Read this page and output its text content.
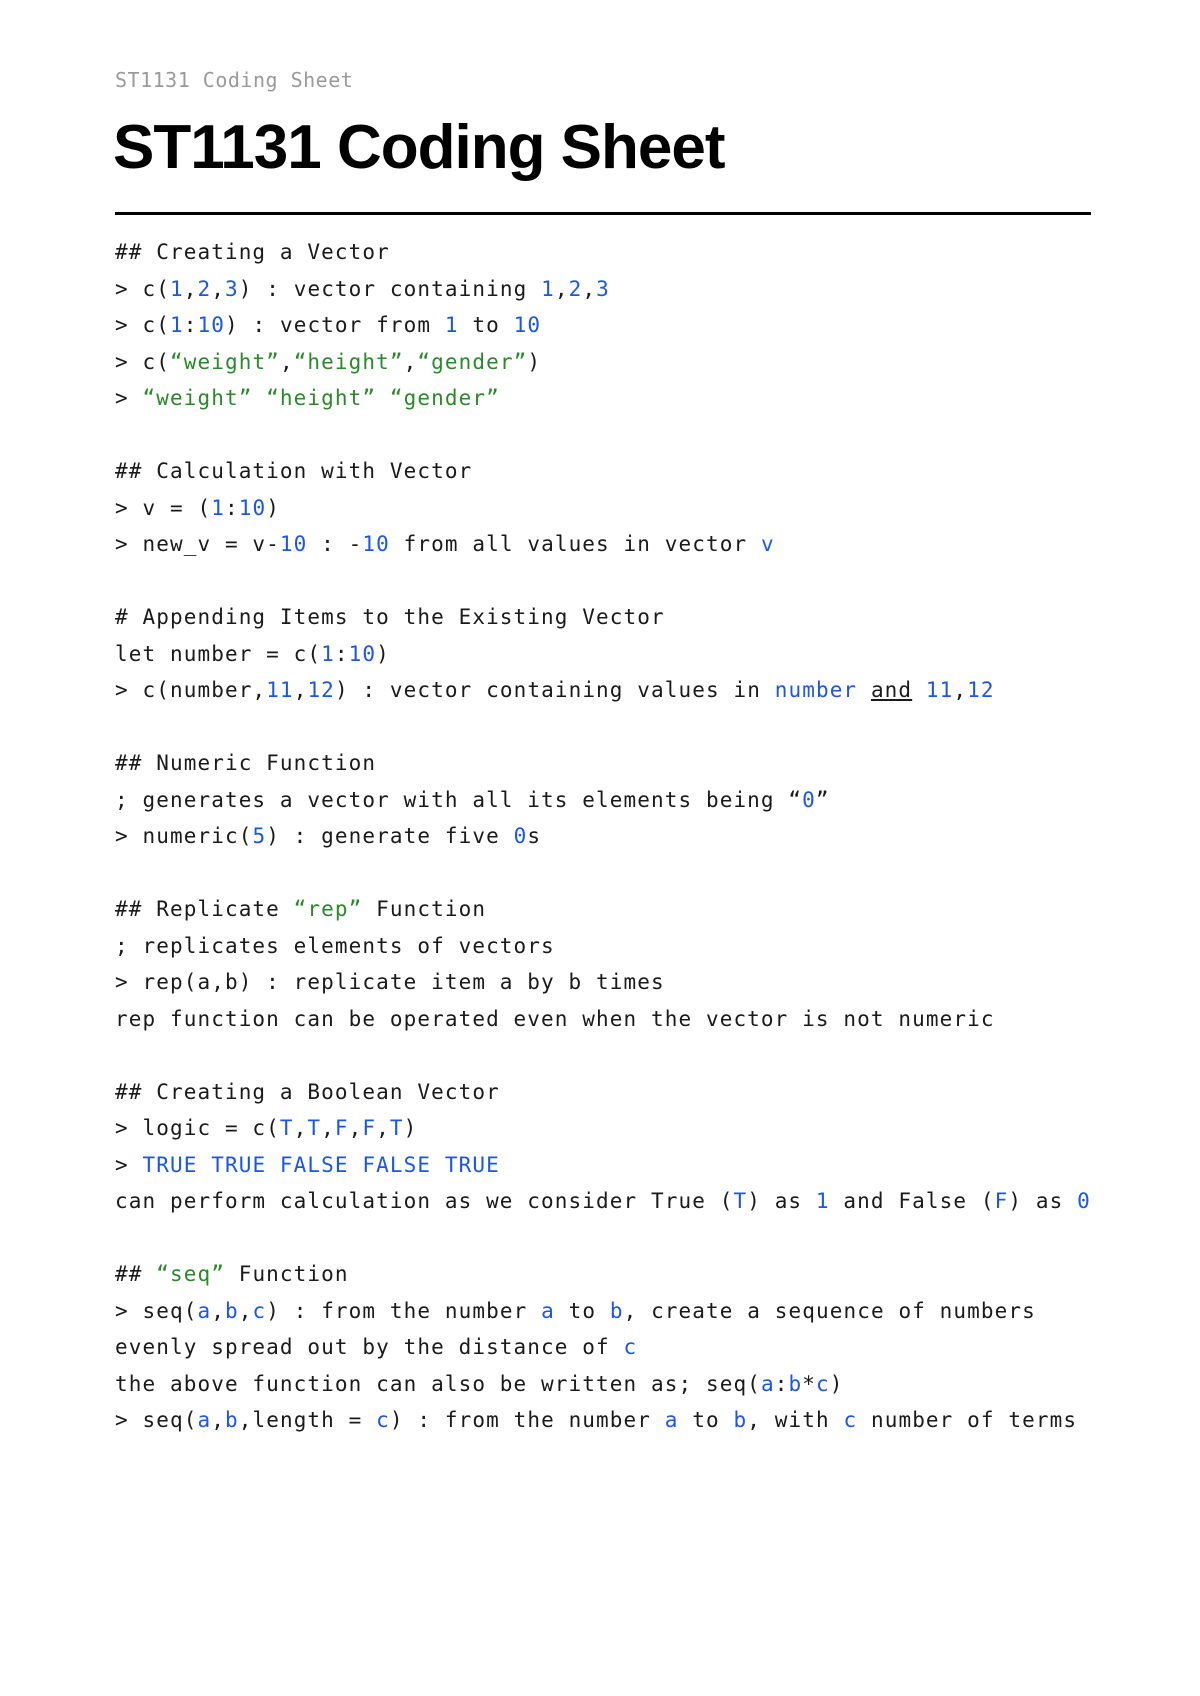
ST1131 Coding Sheet
ST1131 Coding Sheet
## Creating a Vector
> c(1,2,3) : vector containing 1,2,3
> c(1:10) : vector from 1 to 10
> c(“weight”,“height”,“gender”)
> “weight” “height” “gender”
## Calculation with Vector
> v = (1:10)
> new_v = v-10 : -10 from all values in vector v
# Appending Items to the Existing Vector
let number = c(1:10)
> c(number,11,12) : vector containing values in number and 11,12
## Numeric Function
; generates a vector with all its elements being “0”
> numeric(5) : generate five 0s
## Replicate “rep” Function
; replicates elements of vectors
> rep(a,b) : replicate item a by b times
rep function can be operated even when the vector is not numeric
## Creating a Boolean Vector
> logic = c(T,T,F,F,T)
> TRUE TRUE FALSE FALSE TRUE
can perform calculation as we consider True (T) as 1 and False (F) as 0
## “seq” Function
> seq(a,b,c) : from the number a to b, create a sequence of numbers
evenly spread out by the distance of c
the above function can also be written as; seq(a:b*c)
> seq(a,b,length = c) : from the number a to b, with c number of terms
